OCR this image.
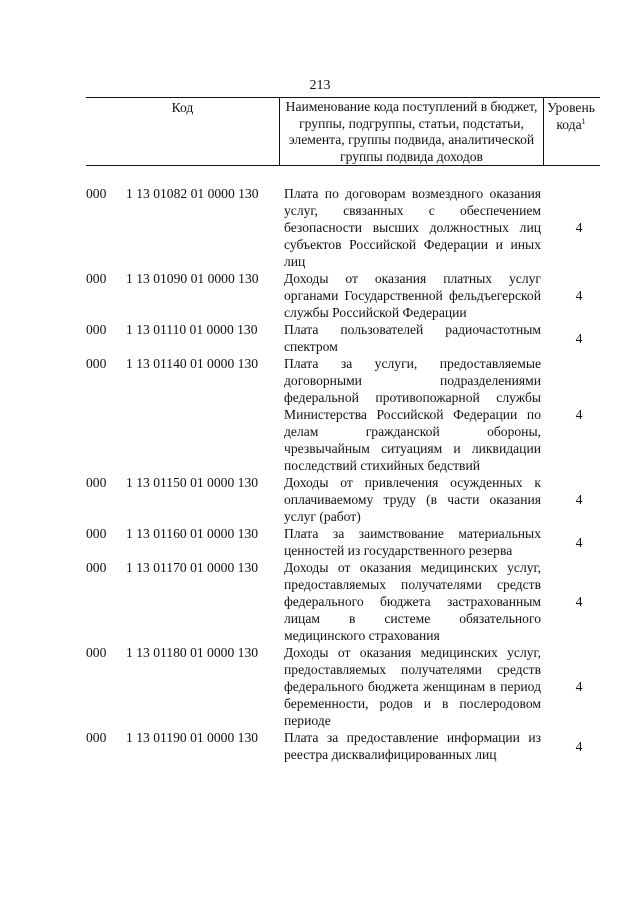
213
Код	Наименование кода поступлений в бюджет, группы, подгруппы, статьи, подстатьи, элемента, группы подвида, аналитической группы подвида доходов
Уровень кода$^1$
000 1 13 01082 01 0000 130 Плата по договорам возмездного оказания услуг, связанных с обеспечением безопасности высших должностных лиц субъектов Российской Федерации и иных лиц
4
000 1 13 01090 01 0000 130 Доходы от оказания платных услуг органами Государственной фельдъегерской службы Российской Федерации
4
000 1 13 01110 01 0000 130 Плата пользователей радиочастотным спектром
4
000 1 13 01140 01 0000 130 Плата за услуги, предоставляемые договорными подразделениями федеральной противопожарной службы Министерства Российской Федерации по делам гражданской обороны, чрезвычайным ситуациям и ликвидации последствий стихийных бедствий
4
000 1 13 01150 01 0000 130 Доходы от привлечения осужденных к оплачиваемому труду (в части оказания услуг (работ)
4
000 1 13 01160 01 0000 130 Плата за заимствование материальных ценностей из государственного резерва
4
000 1 13 01170 01 0000 130 Доходы от оказания медицинских услуг, предоставляемых получателями средств федерального бюджета застрахованным лицам в системе обязательного медицинского страхования
4
000 1 13 01180 01 0000 130 Доходы от оказания медицинских услуг, предоставляемых получателями средств федерального бюджета женщинам в период беременности, родов и в послеродовом периоде
4
000 1 13 01190 01 0000 130 Плата за предоставление информации из реестра дисквалифицированных лиц
4
